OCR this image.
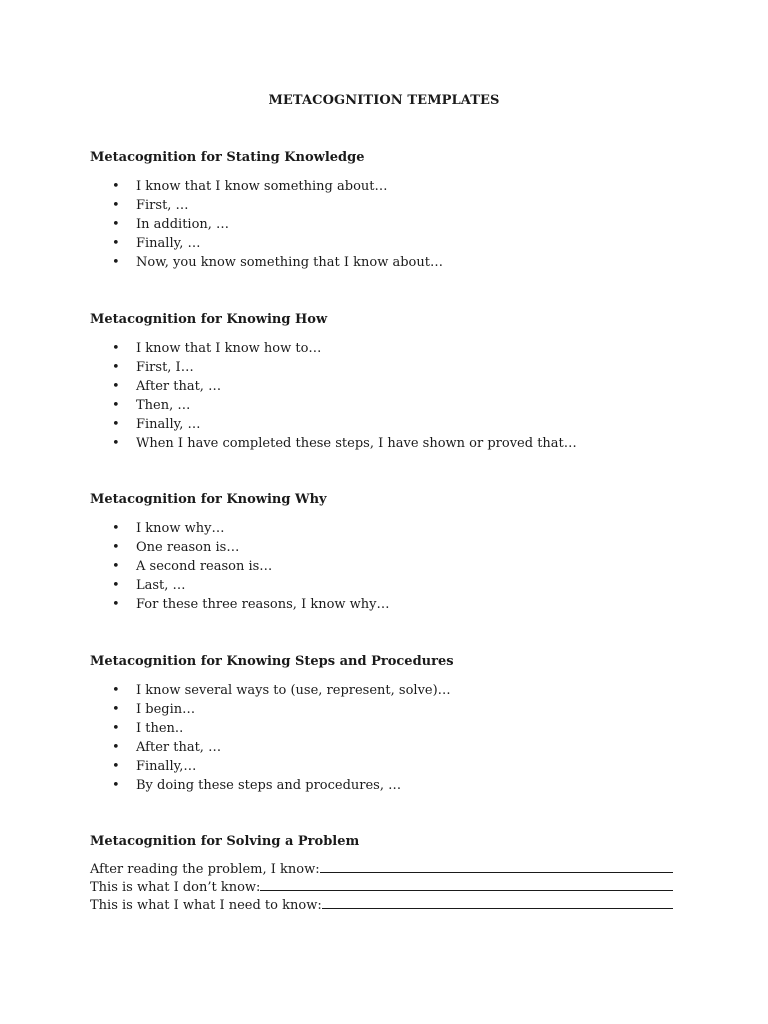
METACOGNITION TEMPLATES
Metacognition for Stating Knowledge
• I know that I know something about…
• First, …
• In addition, …
• Finally, …
• Now, you know something that I know about…
Metacognition for Knowing How
• I know that I know how to…
• First, I…
• After that, …
• Then, …
• Finally, …
• When I have completed these steps, I have shown or proved that…
Metacognition for Knowing Why
• I know why…
• One reason is…
• A second reason is…
• Last, …
• For these three reasons, I know why…
Metacognition for Knowing Steps and Procedures
• I know several ways to (use, represent, solve)…
• I begin…
• I then..
• After that, …
• Finally,…
• By doing these steps and procedures, …
Metacognition for Solving a Problem
After reading the problem, I know:
This is what I don’t know:
This is what I what I need to know:
